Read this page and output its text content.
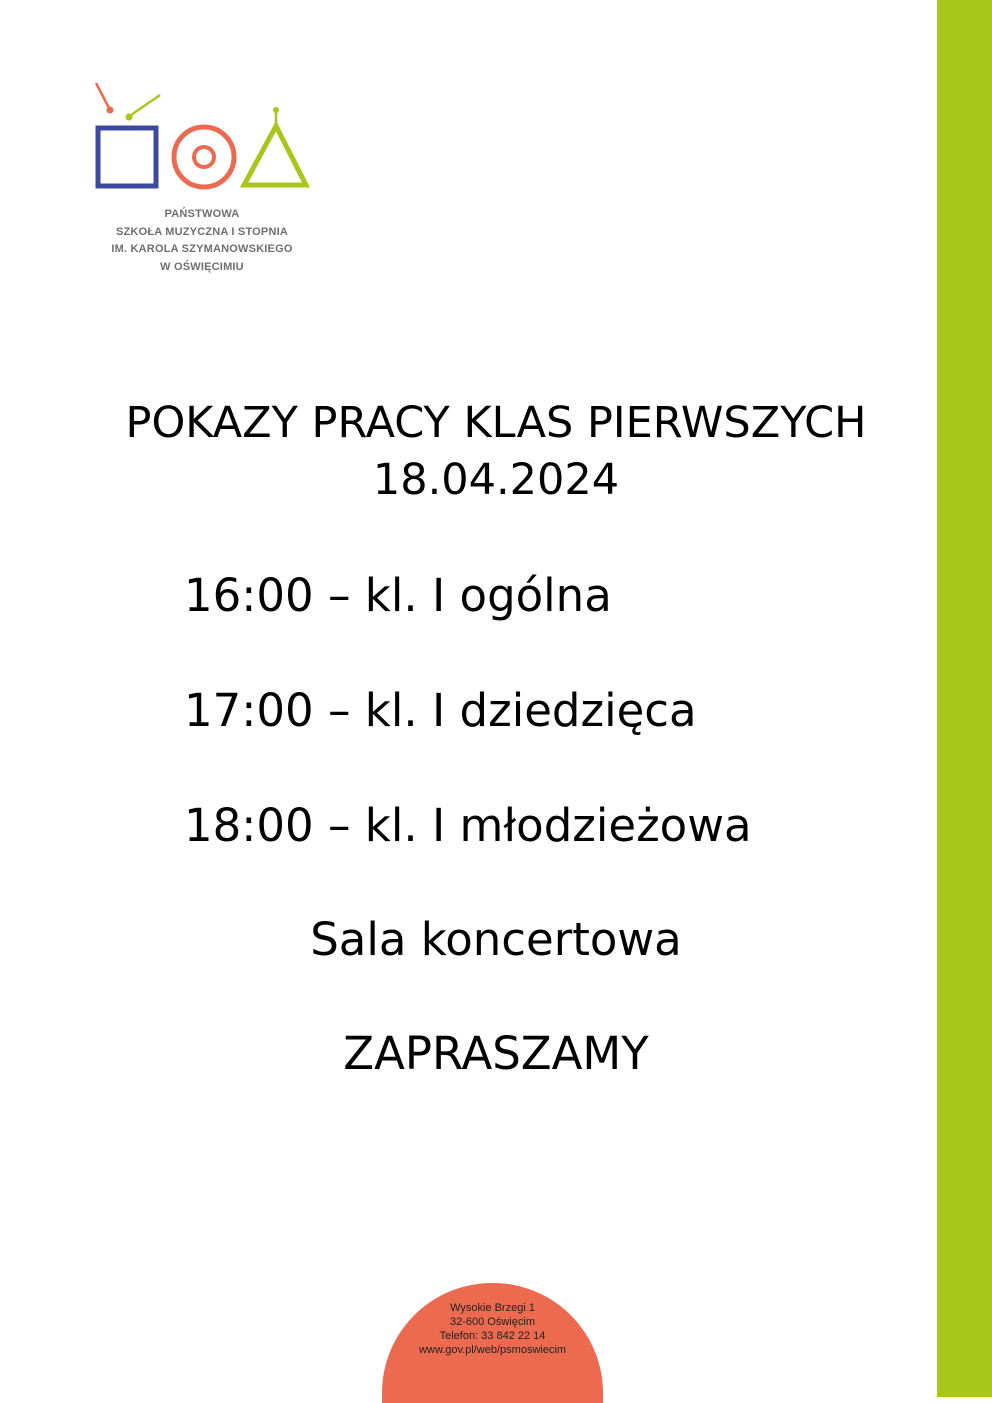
PAŃSTWOWA
SZKOŁA MUZYCZNA I STOPNIA
IM. KAROLA SZYMANOWSKIEGO
W OŚWIĘCIMIU
POKAZY PRACY KLAS PIERWSZYCH
18.04.2024
16:00 – kl. I ogólna
17:00 – kl. I dziedzięca
18:00 – kl. I młodzieżowa
Sala koncertowa
ZAPRASZAMY
Wysokie Brzegi 1
32-600 Oświęcim
Telefon: 33 842 22 14
www.gov.pl/web/psmoswiecim
